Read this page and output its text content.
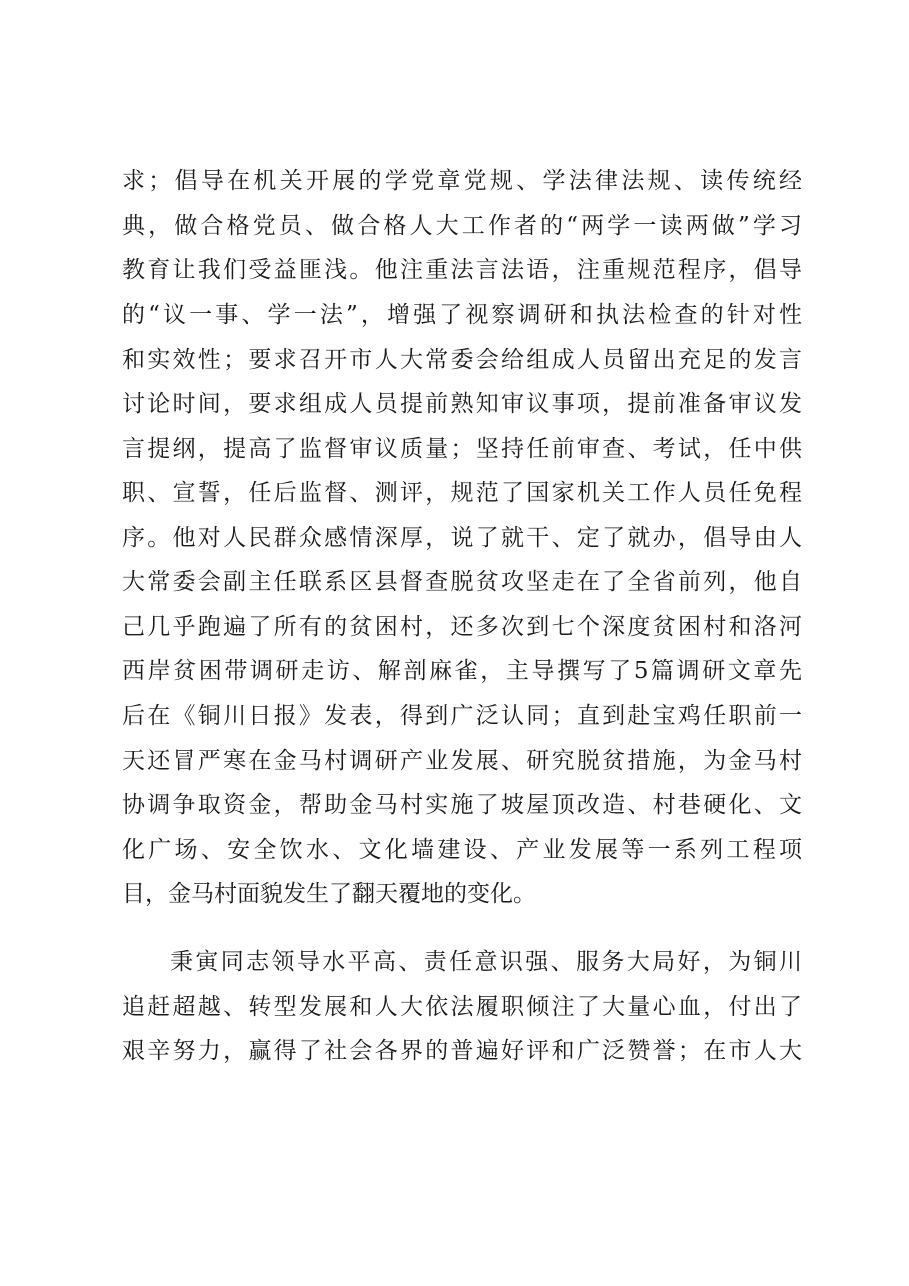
求；倡导在机关开展的学党章党规、学法律法规、读传统经
典，做合格党员、做合格人大工作者的“两学一读两做”学习
教育让我们受益匪浅。他注重法言法语，注重规范程序，倡导
的“议一事、学一法”，增强了视察调研和执法检查的针对性
和实效性；要求召开市人大常委会给组成人员留出充足的发言
讨论时间，要求组成人员提前熟知审议事项，提前准备审议发
言提纲，提高了监督审议质量；坚持任前审查、考试，任中供
职、宣誓，任后监督、测评，规范了国家机关工作人员任免程
序。他对人民群众感情深厚，说了就干、定了就办，倡导由人
大常委会副主任联系区县督查脱贫攻坚走在了全省前列，他自
己几乎跑遍了所有的贫困村，还多次到七个深度贫困村和洛河
西岸贫困带调研走访、解剖麻雀，主导撰写了5篇调研文章先
后在《铜川日报》发表，得到广泛认同；直到赴宝鸡任职前一
天还冒严寒在金马村调研产业发展、研究脱贫措施，为金马村
协调争取资金，帮助金马村实施了坡屋顶改造、村巷硬化、文
化广场、安全饮水、文化墙建设、产业发展等一系列工程项
目，金马村面貌发生了翻天覆地的变化。
秉寅同志领导水平高、责任意识强、服务大局好，为铜川
追赶超越、转型发展和人大依法履职倾注了大量心血，付出了
艰辛努力，赢得了社会各界的普遍好评和广泛赞誉；在市人大
